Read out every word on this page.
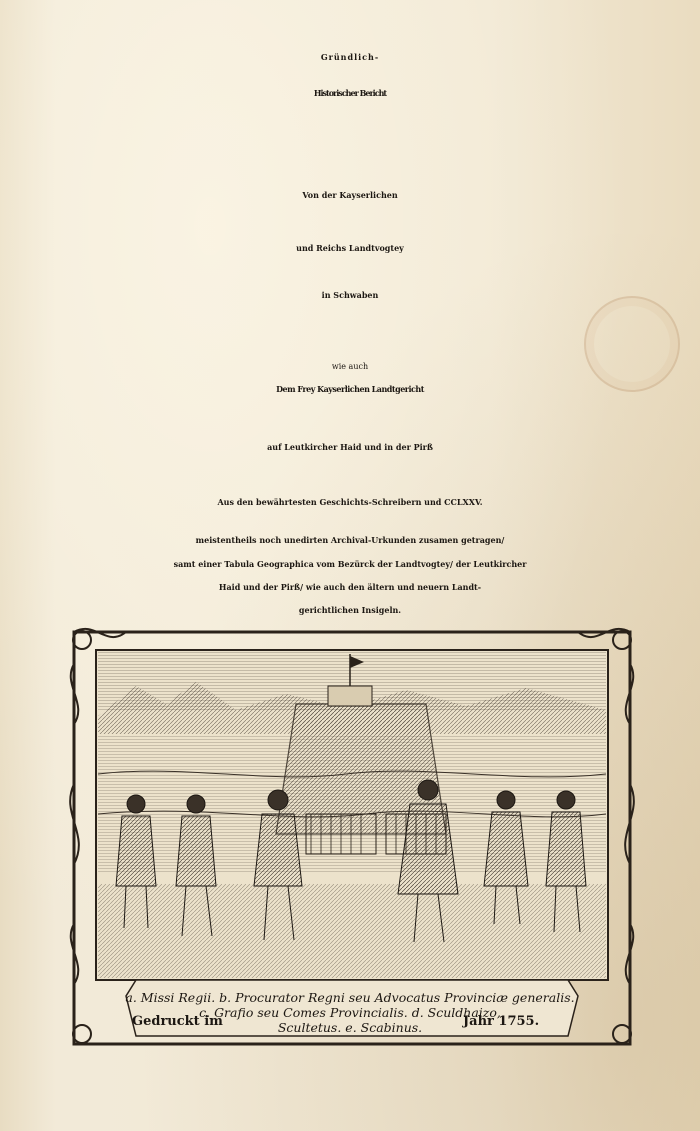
Gründlich-
Historischer Bericht
Von der Kayserlichen
und Reichs Landtvogtey
in Schwaben
wie auch
Dem Frey Kayserlichen Landtgericht
auf Leutkircher Haid und in der Pirß
Aus den bewährtesten Geschichts-Schreibern und CCLXXV.
meistentheils noch unedirten Archival-Urkunden zusamen getragen/
samt einer Tabula Geographica vom Bezürck der Landtvogtey/ der Leutkircher
Haid und der Pirß/ wie auch den ältern und neuern Landt-
gerichtlichen Insigeln.
a. Missi Regii. b. Procurator Regni seu Advocatus Provinciæ generalis.
c. Grafio seu Comes Provincialis. d. Sculdhaizo,
Scultetus. e. Scabinus.
Gedruckt im	Jahr 1755.
